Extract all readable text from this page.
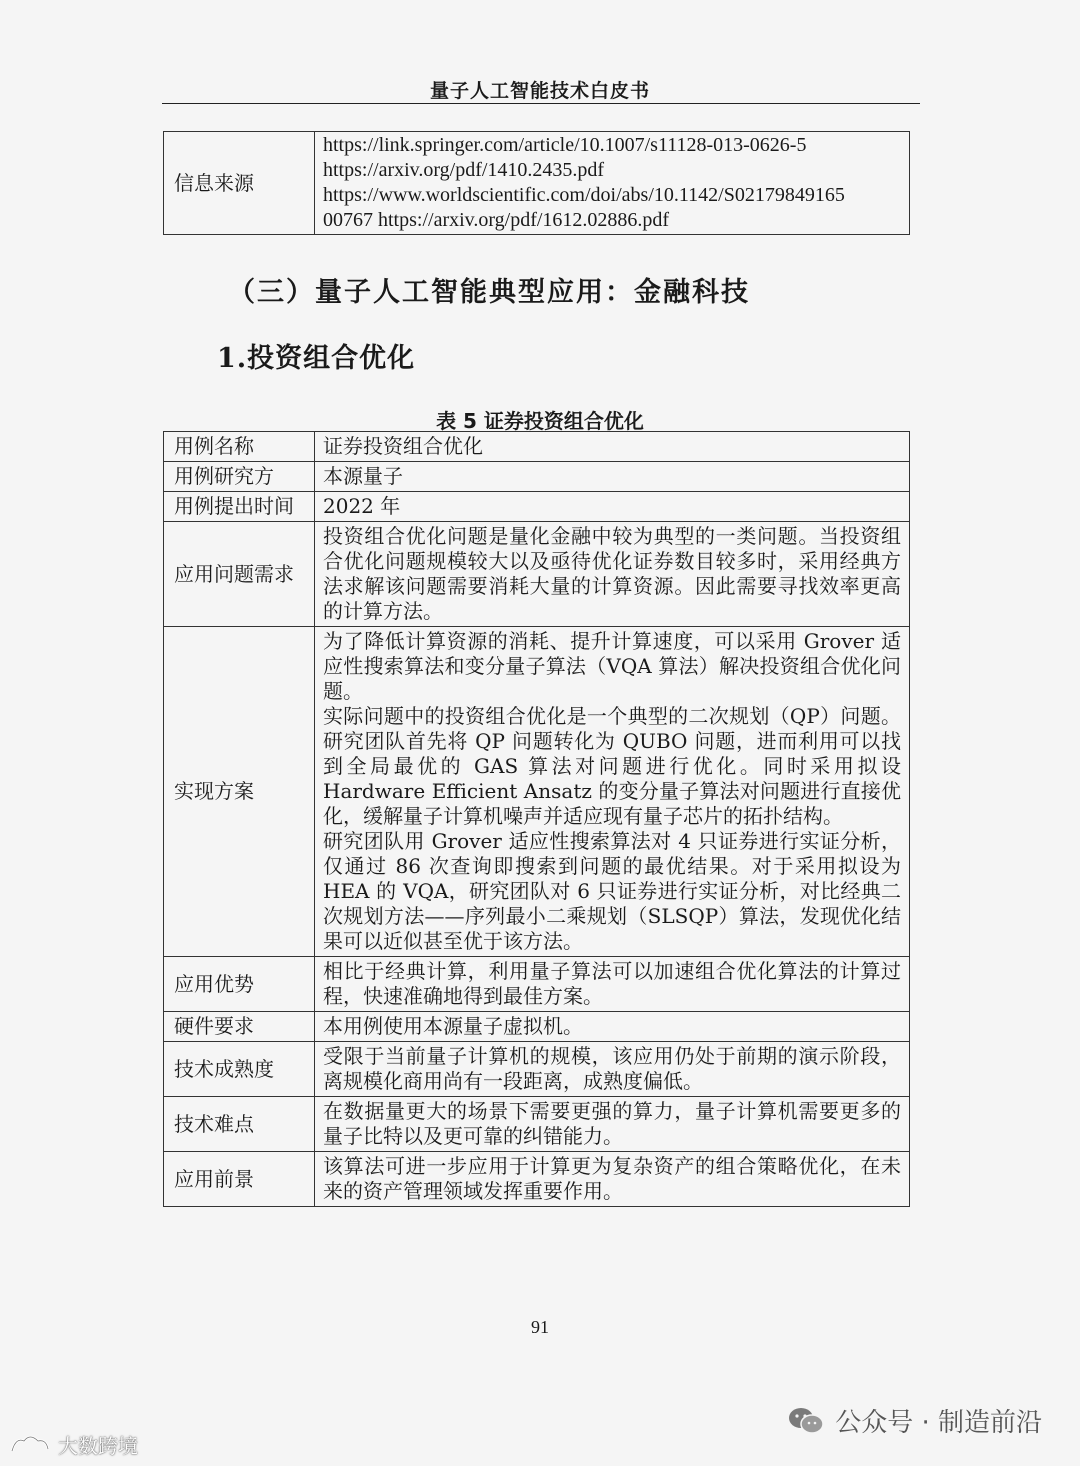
量子人工智能技术白皮书
信息来源	
https://link.springer.com/article/10.1007/s11128-013-0626-5
https://arxiv.org/pdf/1410.2435.pdf
https://www.worldscientific.com/doi/abs/10.1142/S02179849165
00767 https://arxiv.org/pdf/1612.02886.pdf
（三）量子人工智能典型应用：金融科技
1.投资组合优化
表 5 证券投资组合优化
用例名称	证券投资组合优化

用例研究方	本源量子

用例提出时间	2022 年

应用问题需求	投资组合优化问题是量化金融中较为典型的一类问题。当投资组合优化问题规模较大以及亟待优化证券数目较多时，采用经典方法求解该问题需要消耗大量的计算资源。因此需要寻找效率更高的计算方法。

实现方案	为了降低计算资源的消耗、提升计算速度，可以采用 Grover 适应性搜索算法和变分量子算法（VQA 算法）解决投资组合优化问题。

实际问题中的投资组合优化是一个典型的二次规划（QP）问题。研究团队首先将 QP 问题转化为 QUBO 问题，进而利用可以找到全局最优的 GAS 算法对问题进行优化。同时采用拟设 Hardware Efficient Ansatz 的变分量子算法对问题进行直接优化，缓解量子计算机噪声并适应现有量子芯片的拓扑结构。

研究团队用 Grover 适应性搜索算法对 4 只证券进行实证分析，仅通过 86 次查询即搜索到问题的最优结果。对于采用拟设为 HEA 的 VQA，研究团队对 6 只证券进行实证分析，对比经典二次规划方法——序列最小二乘规划（SLSQP）算法，发现优化结果可以近似甚至优于该方法。

应用优势	相比于经典计算，利用量子算法可以加速组合优化算法的计算过程，快速准确地得到最佳方案。

硬件要求	本用例使用本源量子虚拟机。

技术成熟度	受限于当前量子计算机的规模，该应用仍处于前期的演示阶段，离规模化商用尚有一段距离，成熟度偏低。

技术难点	在数据量更大的场景下需要更强的算力，量子计算机需要更多的量子比特以及更可靠的纠错能力。

应用前景	该算法可进一步应用于计算更为复杂资产的组合策略优化，在未来的资产管理领域发挥重要作用。

91
公众号 · 制造前沿
大数跨境
